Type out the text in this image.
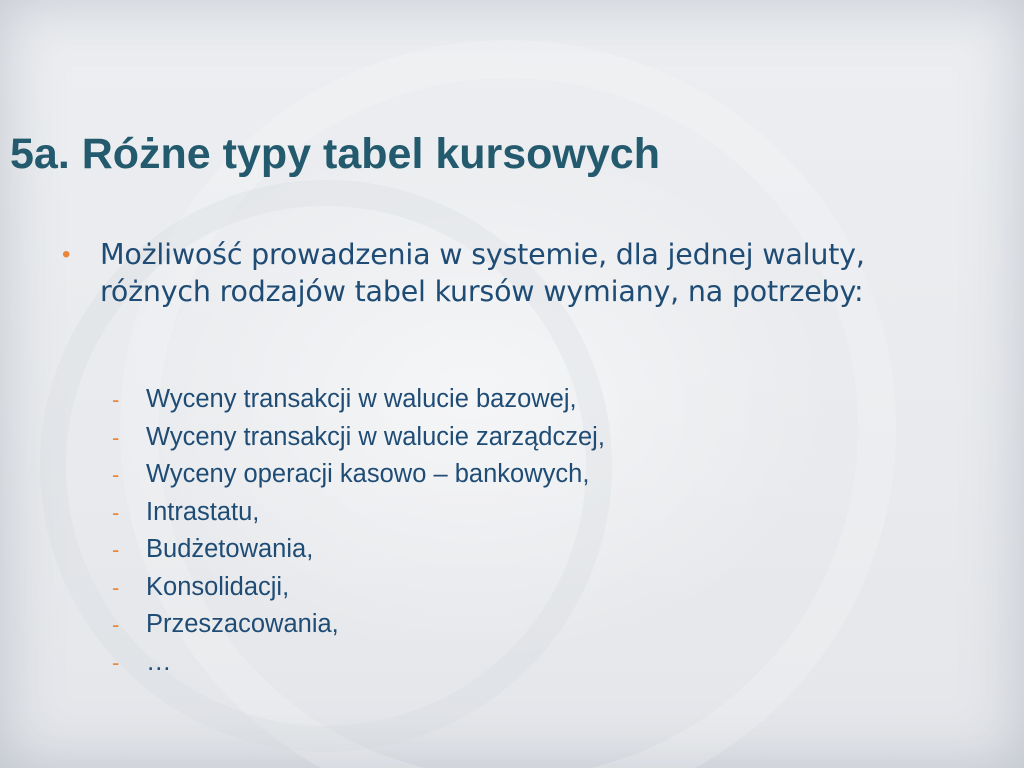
5a. Różne typy tabel kursowych
•	Możliwość prowadzenia w systemie, dla jednej waluty, różnych rodzajów tabel kursów wymiany, na potrzeby:
-	Wyceny transakcji w walucie bazowej,
-	Wyceny transakcji w walucie zarządczej,
-	Wyceny operacji kasowo – bankowych,
-	Intrastatu,
-	Budżetowania,
-	Konsolidacji,
-	Przeszacowania,
-	…
